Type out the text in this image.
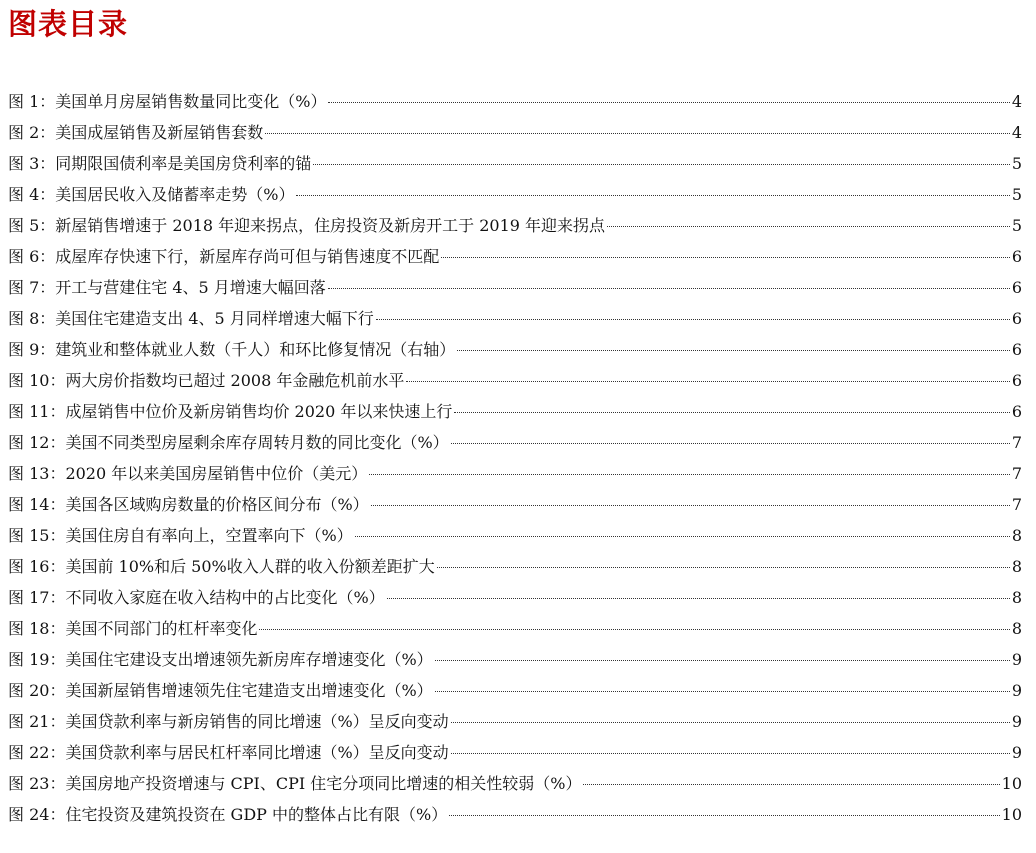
图表目录
图 1：美国单月房屋销售数量同比变化（%）	4
图 2：美国成屋销售及新屋销售套数	4
图 3：同期限国债利率是美国房贷利率的锚	5
图 4：美国居民收入及储蓄率走势（%）	5
图 5：新屋销售增速于 2018 年迎来拐点，住房投资及新房开工于 2019 年迎来拐点	5
图 6：成屋库存快速下行，新屋库存尚可但与销售速度不匹配	6
图 7：开工与营建住宅 4、5 月增速大幅回落	6
图 8：美国住宅建造支出 4、5 月同样增速大幅下行	6
图 9：建筑业和整体就业人数（千人）和环比修复情况（右轴）	6
图 10：两大房价指数均已超过 2008 年金融危机前水平	6
图 11：成屋销售中位价及新房销售均价 2020 年以来快速上行	6
图 12：美国不同类型房屋剩余库存周转月数的同比变化（%）	7
图 13：2020 年以来美国房屋销售中位价（美元）	7
图 14：美国各区域购房数量的价格区间分布（%）	7
图 15：美国住房自有率向上，空置率向下（%）	8
图 16：美国前 10%和后 50%收入人群的收入份额差距扩大	8
图 17：不同收入家庭在收入结构中的占比变化（%）	8
图 18：美国不同部门的杠杆率变化	8
图 19：美国住宅建设支出增速领先新房库存增速变化（%）	9
图 20：美国新屋销售增速领先住宅建造支出增速变化（%）	9
图 21：美国贷款利率与新房销售的同比增速（%）呈反向变动	9
图 22：美国贷款利率与居民杠杆率同比增速（%）呈反向变动	9
图 23：美国房地产投资增速与 CPI、CPI 住宅分项同比增速的相关性较弱（%）	10
图 24：住宅投资及建筑投资在 GDP 中的整体占比有限（%）	10
